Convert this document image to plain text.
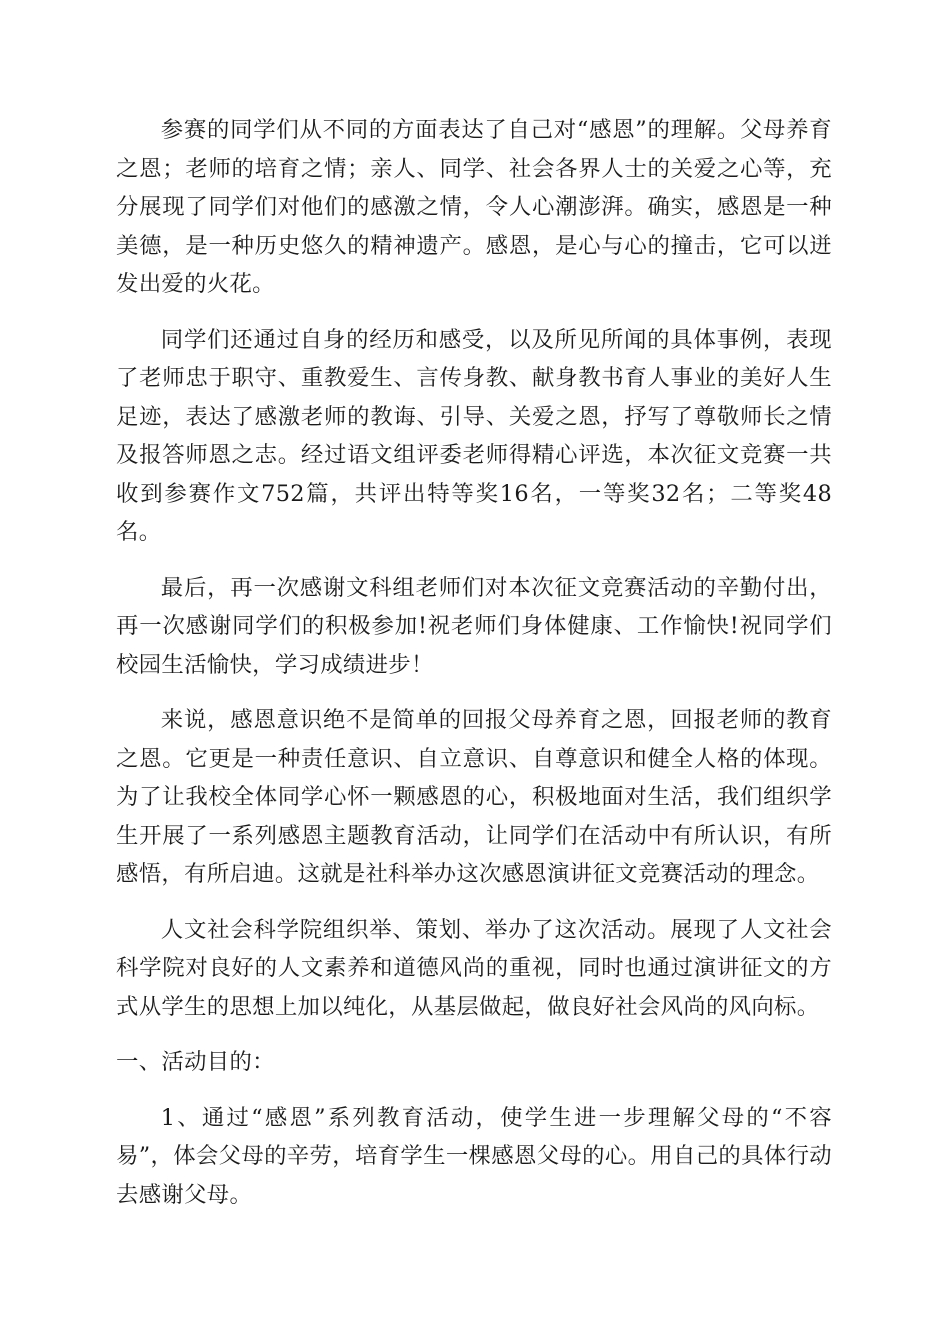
参赛的同学们从不同的方面表达了自己对“感恩”的理解。父母养育之恩；老师的培育之情；亲人、同学、社会各界人士的关爱之心等，充分展现了同学们对他们的感激之情，令人心潮澎湃。确实，感恩是一种美德，是一种历史悠久的精神遗产。感恩，是心与心的撞击，它可以迸发出爱的火花。

同学们还通过自身的经历和感受，以及所见所闻的具体事例，表现了老师忠于职守、重教爱生、言传身教、献身教书育人事业的美好人生足迹，表达了感激老师的教诲、引导、关爱之恩，抒写了尊敬师长之情及报答师恩之志。经过语文组评委老师得精心评选，本次征文竞赛一共收到参赛作文752篇，共评出特等奖16名，一等奖32名；二等奖48名。

最后，再一次感谢文科组老师们对本次征文竞赛活动的辛勤付出，再一次感谢同学们的积极参加!祝老师们身体健康、工作愉快!祝同学们校园生活愉快，学习成绩进步！

来说，感恩意识绝不是简单的回报父母养育之恩，回报老师的教育之恩。它更是一种责任意识、自立意识、自尊意识和健全人格的体现。为了让我校全体同学心怀一颗感恩的心，积极地面对生活，我们组织学生开展了一系列感恩主题教育活动，让同学们在活动中有所认识，有所感悟，有所启迪。这就是社科举办这次感恩演讲征文竞赛活动的理念。

人文社会科学院组织举、策划、举办了这次活动。展现了人文社会科学院对良好的人文素养和道德风尚的重视，同时也通过演讲征文的方式从学生的思想上加以纯化，从基层做起，做良好社会风尚的风向标。

一、活动目的：

1、通过“感恩”系列教育活动，使学生进一步理解父母的“不容易”，体会父母的辛劳，培育学生一棵感恩父母的心。用自己的具体行动去感谢父母。
